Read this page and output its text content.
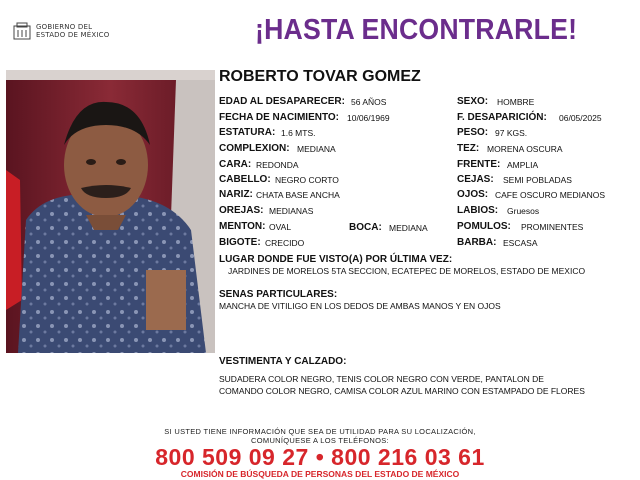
GOBIERNO DEL
ESTADO DE MÉXICO	¡HASTA ENCONTRARLE!
ROBERTO TOVAR GOMEZ
EDAD AL DESAPARECER: 56 AÑOS
FECHA DE NACIMIENTO: 10/06/1969
ESTATURA: 1.6 MTS.
COMPLEXION: MEDIANA
CARA: REDONDA
CABELLO: NEGRO CORTO
NARIZ: CHATA BASE ANCHA
OREJAS: MEDIANAS
MENTON: OVAL	BOCA: MEDIANA
BIGOTE: CRECIDO
SEXO: HOMBRE
F. DESAPARICIÓN: 06/05/2025
PESO: 97 KGS.
TEZ: MORENA OSCURA
FRENTE: AMPLIA
CEJAS: SEMI POBLADAS
OJOS: CAFE OSCURO MEDIANOS
LABIOS: Gruesos
POMULOS: PROMINENTES
BARBA: ESCASA
LUGAR DONDE FUE VISTO(A) POR ÚLTIMA VEZ:
JARDINES DE MORELOS 5TA SECCION, ECATEPEC DE MORELOS, ESTADO DE MEXICO
SENAS PARTICULARES:
MANCHA DE VITILIGO EN LOS DEDOS DE AMBAS MANOS Y EN OJOS
VESTIMENTA Y CALZADO:
SUDADERA COLOR NEGRO, TENIS COLOR NEGRO CON VERDE, PANTALON DE
COMANDO COLOR NEGRO, CAMISA COLOR AZUL MARINO CON ESTAMPADO DE FLORES
SI USTED TIENE INFORMACIÓN QUE SEA DE UTILIDAD PARA SU LOCALIZACIÓN,
COMUNÍQUESE A LOS TELÉFONOS:
800 509 09 27 • 800 216 03 61
COMISIÓN DE BÚSQUEDA DE PERSONAS DEL ESTADO DE MÉXICO
